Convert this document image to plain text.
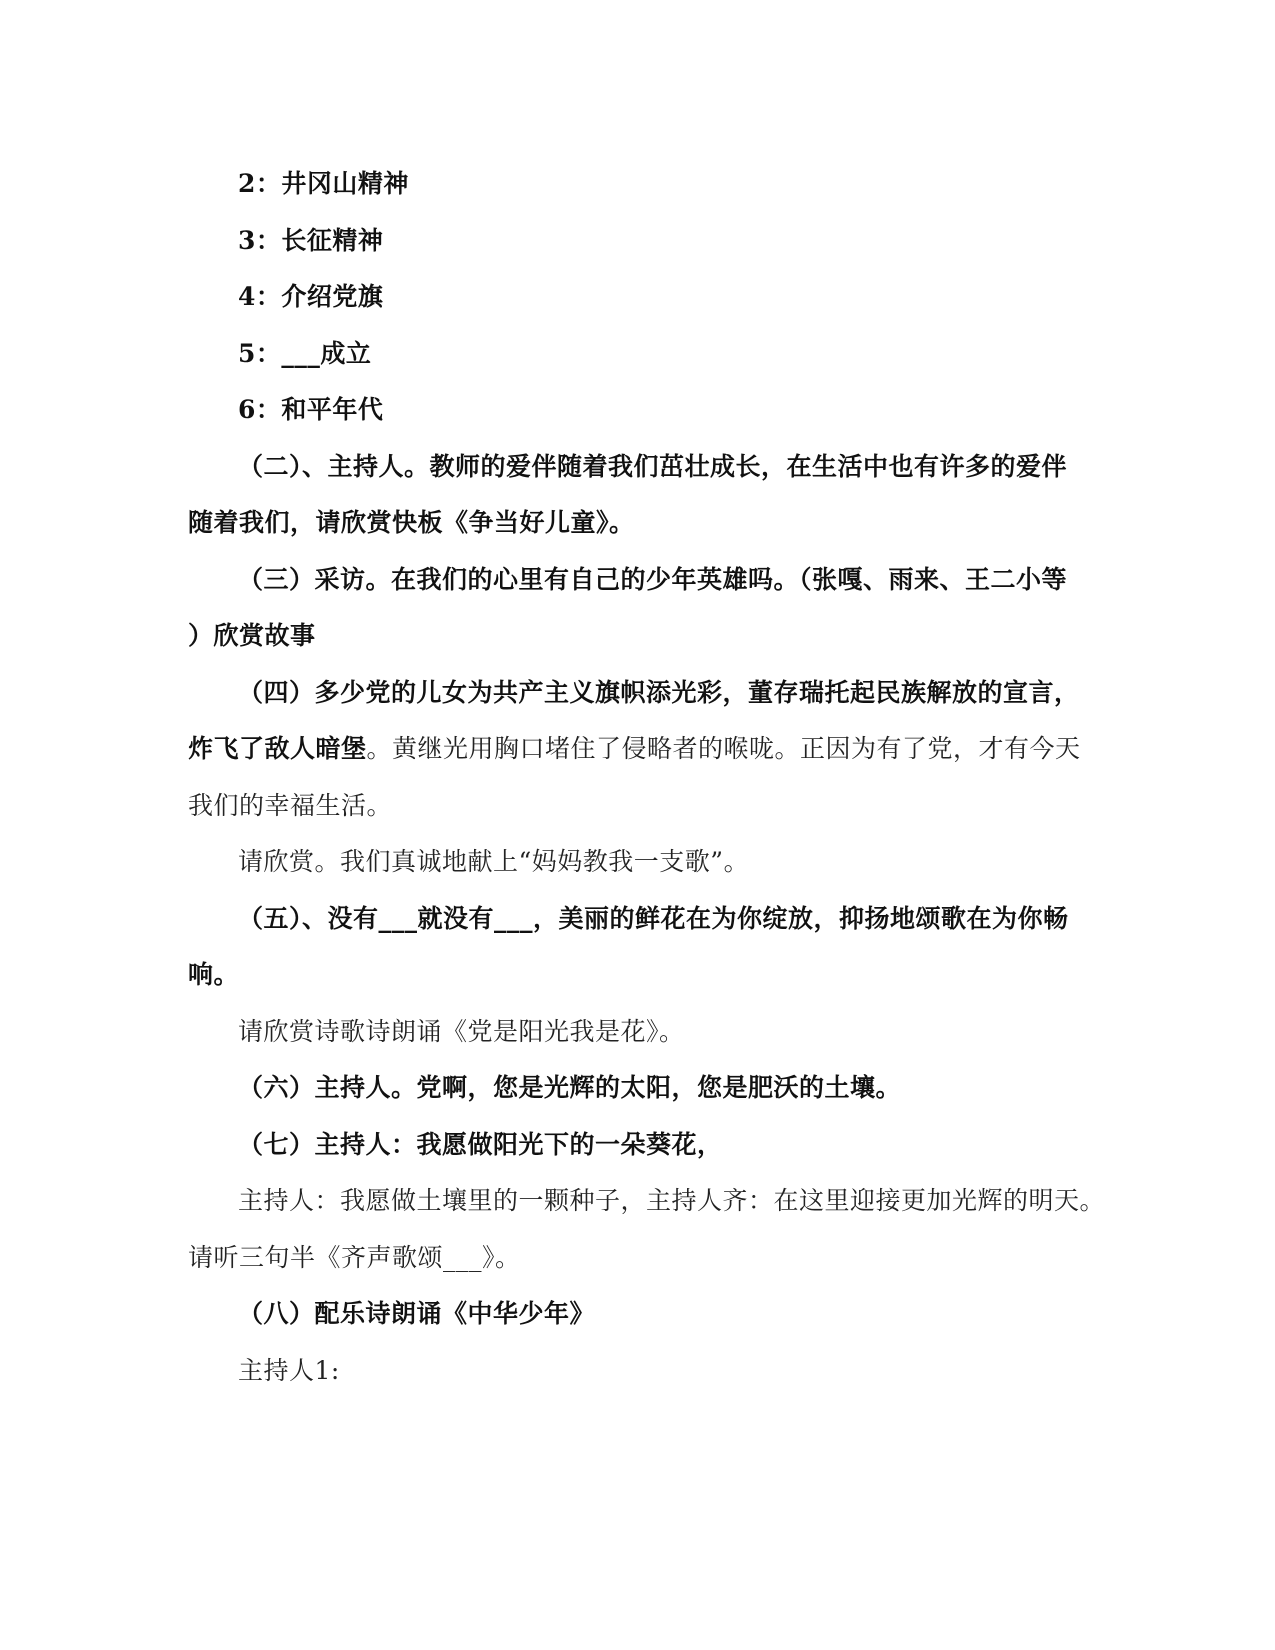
2：井冈山精神
3：长征精神
4：介绍党旗
5：___成立
6：和平年代
（二）、主持人。教师的爱伴随着我们茁壮成长，在生活中也有许多的爱伴
随着我们，请欣赏快板《争当好儿童》。
（三）采访。在我们的心里有自己的少年英雄吗。（张嘎、雨来、王二小等
）欣赏故事
（四）多少党的儿女为共产主义旗帜添光彩，董存瑞托起民族解放的宣言，
炸飞了敌人暗堡。黄继光用胸口堵住了侵略者的喉咙。正因为有了党，才有今天
我们的幸福生活。
请欣赏。我们真诚地献上“妈妈教我一支歌”。
（五）、没有___就没有___，美丽的鲜花在为你绽放，抑扬地颂歌在为你畅
响。
请欣赏诗歌诗朗诵《党是阳光我是花》。
（六）主持人。党啊，您是光辉的太阳，您是肥沃的土壤。
（七）主持人：我愿做阳光下的一朵葵花，
主持人：我愿做土壤里的一颗种子，主持人齐：在这里迎接更加光辉的明天。
请听三句半《齐声歌颂___》。
（八）配乐诗朗诵《中华少年》
主持人1:
